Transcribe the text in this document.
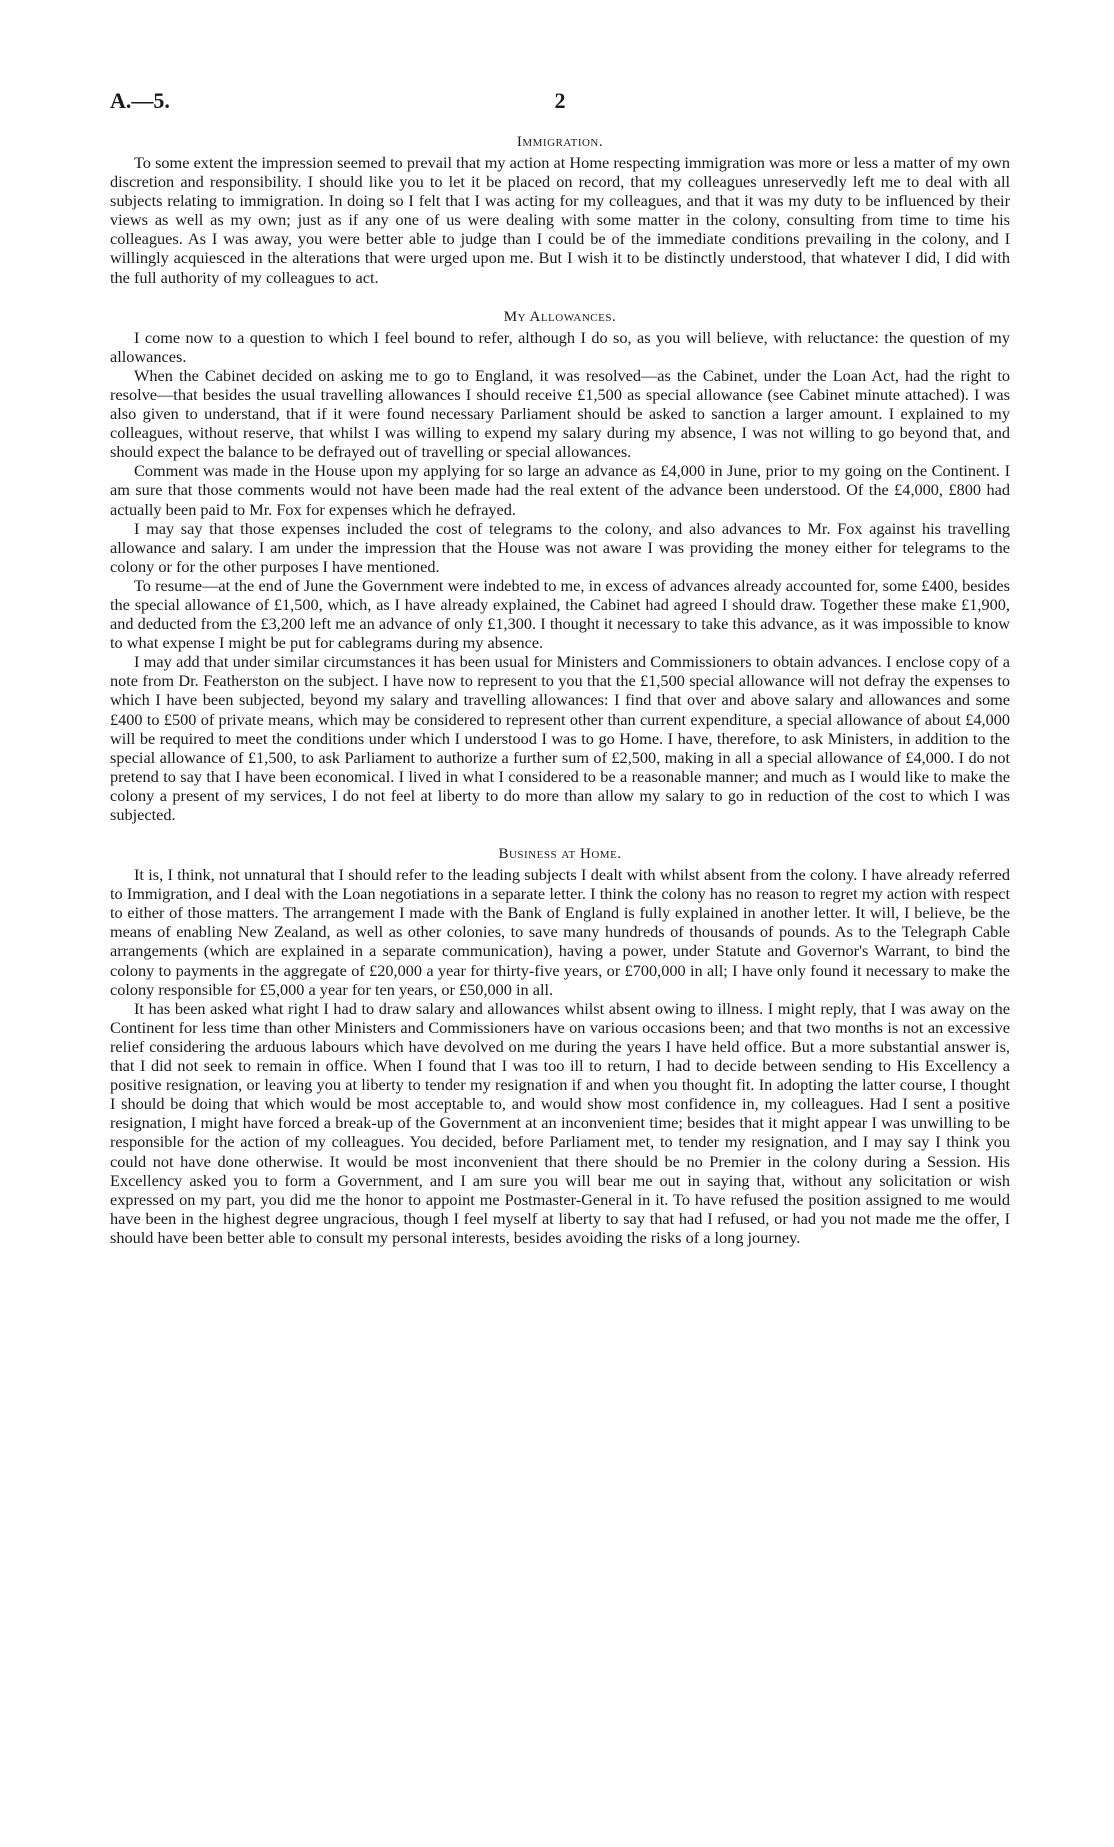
A.—5.	2
Immigration.

To some extent the impression seemed to prevail that my action at Home respecting immigration was more or less a matter of my own discretion and responsibility. I should like you to let it be placed on record, that my colleagues unreservedly left me to deal with all subjects relating to immigration. In doing so I felt that I was acting for my colleagues, and that it was my duty to be influenced by their views as well as my own; just as if any one of us were dealing with some matter in the colony, consulting from time to time his colleagues. As I was away, you were better able to judge than I could be of the immediate conditions prevailing in the colony, and I willingly acquiesced in the alterations that were urged upon me. But I wish it to be distinctly understood, that whatever I did, I did with the full authority of my colleagues to act.

My Allowances.

I come now to a question to which I feel bound to refer, although I do so, as you will believe, with reluctance: the question of my allowances.

When the Cabinet decided on asking me to go to England, it was resolved—as the Cabinet, under the Loan Act, had the right to resolve—that besides the usual travelling allowances I should receive £1,500 as special allowance (see Cabinet minute attached). I was also given to understand, that if it were found necessary Parliament should be asked to sanction a larger amount. I explained to my colleagues, without reserve, that whilst I was willing to expend my salary during my absence, I was not willing to go beyond that, and should expect the balance to be defrayed out of travelling or special allowances.

Comment was made in the House upon my applying for so large an advance as £4,000 in June, prior to my going on the Continent. I am sure that those comments would not have been made had the real extent of the advance been understood. Of the £4,000, £800 had actually been paid to Mr. Fox for expenses which he defrayed.

I may say that those expenses included the cost of telegrams to the colony, and also advances to Mr. Fox against his travelling allowance and salary. I am under the impression that the House was not aware I was providing the money either for telegrams to the colony or for the other purposes I have mentioned.

To resume—at the end of June the Government were indebted to me, in excess of advances already accounted for, some £400, besides the special allowance of £1,500, which, as I have already explained, the Cabinet had agreed I should draw. Together these make £1,900, and deducted from the £3,200 left me an advance of only £1,300. I thought it necessary to take this advance, as it was impossible to know to what expense I might be put for cablegrams during my absence.

I may add that under similar circumstances it has been usual for Ministers and Commissioners to obtain advances. I enclose copy of a note from Dr. Featherston on the subject. I have now to represent to you that the £1,500 special allowance will not defray the expenses to which I have been subjected, beyond my salary and travelling allowances: I find that over and above salary and allowances and some £400 to £500 of private means, which may be considered to represent other than current expenditure, a special allowance of about £4,000 will be required to meet the conditions under which I understood I was to go Home. I have, therefore, to ask Ministers, in addition to the special allowance of £1,500, to ask Parliament to authorize a further sum of £2,500, making in all a special allowance of £4,000. I do not pretend to say that I have been economical. I lived in what I considered to be a reasonable manner; and much as I would like to make the colony a present of my services, I do not feel at liberty to do more than allow my salary to go in reduction of the cost to which I was subjected.

Business at Home.

It is, I think, not unnatural that I should refer to the leading subjects I dealt with whilst absent from the colony. I have already referred to Immigration, and I deal with the Loan negotiations in a separate letter. I think the colony has no reason to regret my action with respect to either of those matters. The arrangement I made with the Bank of England is fully explained in another letter. It will, I believe, be the means of enabling New Zealand, as well as other colonies, to save many hundreds of thousands of pounds. As to the Telegraph Cable arrangements (which are explained in a separate communication), having a power, under Statute and Governor's Warrant, to bind the colony to payments in the aggregate of £20,000 a year for thirty-five years, or £700,000 in all; I have only found it necessary to make the colony responsible for £5,000 a year for ten years, or £50,000 in all.

It has been asked what right I had to draw salary and allowances whilst absent owing to illness. I might reply, that I was away on the Continent for less time than other Ministers and Commissioners have on various occasions been; and that two months is not an excessive relief considering the arduous labours which have devolved on me during the years I have held office. But a more substantial answer is, that I did not seek to remain in office. When I found that I was too ill to return, I had to decide between sending to His Excellency a positive resignation, or leaving you at liberty to tender my resignation if and when you thought fit. In adopting the latter course, I thought I should be doing that which would be most acceptable to, and would show most confidence in, my colleagues. Had I sent a positive resignation, I might have forced a break-up of the Government at an inconvenient time; besides that it might appear I was unwilling to be responsible for the action of my colleagues. You decided, before Parliament met, to tender my resignation, and I may say I think you could not have done otherwise. It would be most inconvenient that there should be no Premier in the colony during a Session. His Excellency asked you to form a Government, and I am sure you will bear me out in saying that, without any solicitation or wish expressed on my part, you did me the honor to appoint me Postmaster-General in it. To have refused the position assigned to me would have been in the highest degree ungracious, though I feel myself at liberty to say that had I refused, or had you not made me the offer, I should have been better able to consult my personal interests, besides avoiding the risks of a long journey.
